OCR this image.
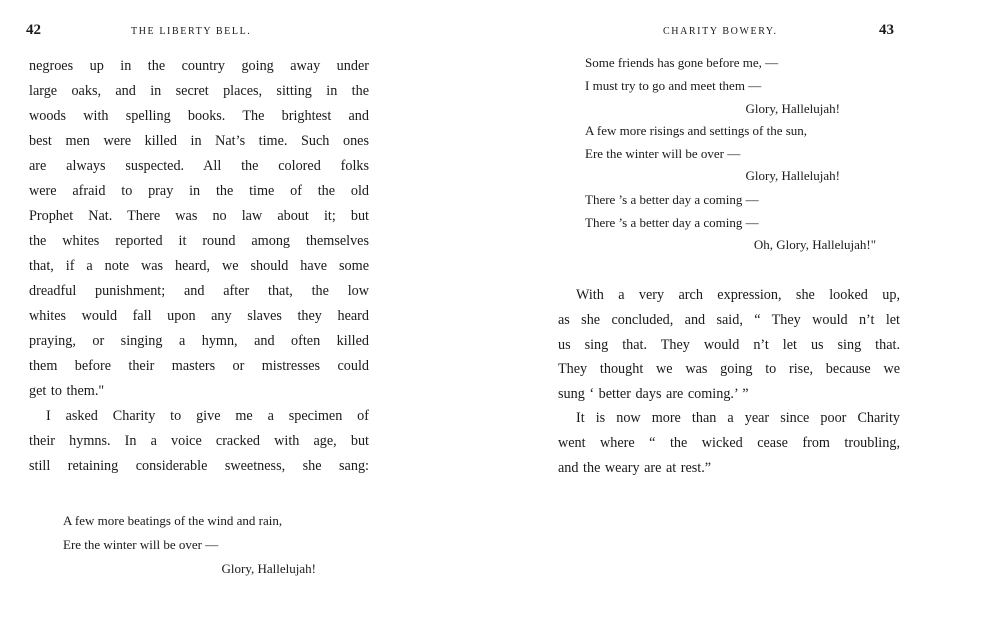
42	THE LIBERTY BELL.
negroes up in the country going away under
large oaks, and in secret places, sitting in the
woods with spelling books. The brightest and
best men were killed in Nat’s time. Such ones
are always suspected. All the colored folks
were afraid to pray in the time of the old
Prophet Nat. There was no law about it; but
the whites reported it round among themselves
that, if a note was heard, we should have some
dreadful punishment; and after that, the low
whites would fall upon any slaves they heard
praying, or singing a hymn, and often killed
them before their masters or mistresses could
get to them."
I asked Charity to give me a specimen of
their hymns. In a voice cracked with age, but
still retaining considerable sweetness, she sang:
A few more beatings of the wind and rain,
Ere the winter will be over —
Glory, Hallelujah!
CHARITY BOWERY.	43
Some friends has gone before me, —
I must try to go and meet them —
Glory, Hallelujah!
A few more risings and settings of the sun,
Ere the winter will be over —
Glory, Hallelujah!
There ’s a better day a coming —
There ’s a better day a coming —
Oh, Glory, Hallelujah!"
With a very arch expression, she looked up,
as she concluded, and said, “ They would n’t let
us sing that. They would n’t let us sing that.
They thought we was going to rise, because we
sung ‘ better days are coming.’ ”
It is now more than a year since poor Charity
went where “ the wicked cease from troubling,
and the weary are at rest.”
